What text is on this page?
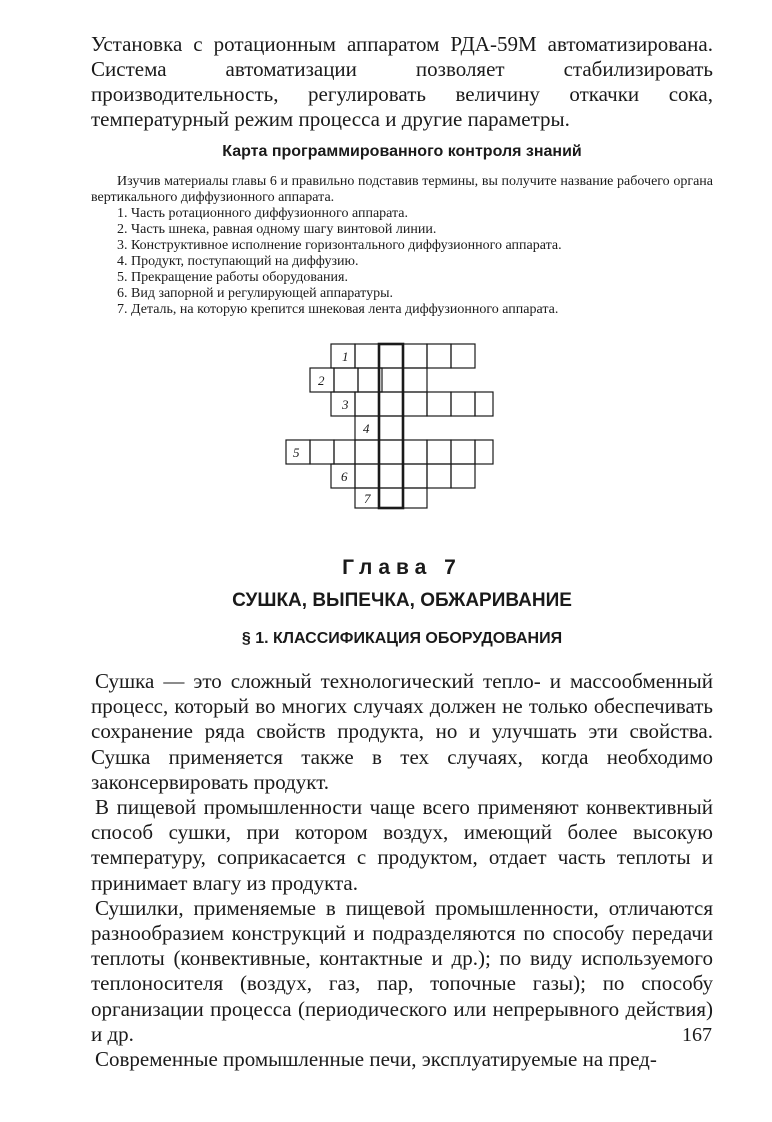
Установка с ротационным аппаратом РДА-59М автоматизирована. Система автоматизации позволяет стабилизировать производительность, регулировать величину откачки сока, температурный режим процесса и другие параметры.

Карта программированного контроля знаний

Изучив материалы главы 6 и правильно подставив термины, вы получите название рабочего органа вертикального диффузионного аппарата.

1. Часть ротационного диффузионного аппарата.
2. Часть шнека, равная одному шагу винтовой линии.
3. Конструктивное исполнение горизонтального диффузионного аппарата.
4. Продукт, поступающий на диффузию.
5. Прекращение работы оборудования.
6. Вид запорной и регулирующей аппаратуры.
7. Деталь, на которую крепится шнековая лента диффузионного аппарата.
1
2
3
4
5
6
7
Глава 7
СУШКА, ВЫПЕЧКА, ОБЖАРИВАНИЕ
§ 1. КЛАССИФИКАЦИЯ ОБОРУДОВАНИЯ

Сушка — это сложный технологический тепло- и массообменный процесс, который во многих случаях должен не только обеспечивать сохранение ряда свойств продукта, но и улучшать эти свойства. Сушка применяется также в тех случаях, когда необходимо законсервировать продукт.

В пищевой промышленности чаще всего применяют конвективный способ сушки, при котором воздух, имеющий более высокую температуру, соприкасается с продуктом, отдает часть теплоты и принимает влагу из продукта.

Сушилки, применяемые в пищевой промышленности, отличаются разнообразием конструкций и подразделяются по способу передачи теплоты (конвективные, контактные и др.); по виду используемого теплоносителя (воздух, газ, пар, топочные газы); по способу организации процесса (периодического или непрерывного действия) и др.

Современные промышленные печи, эксплуатируемые на пред-

167
